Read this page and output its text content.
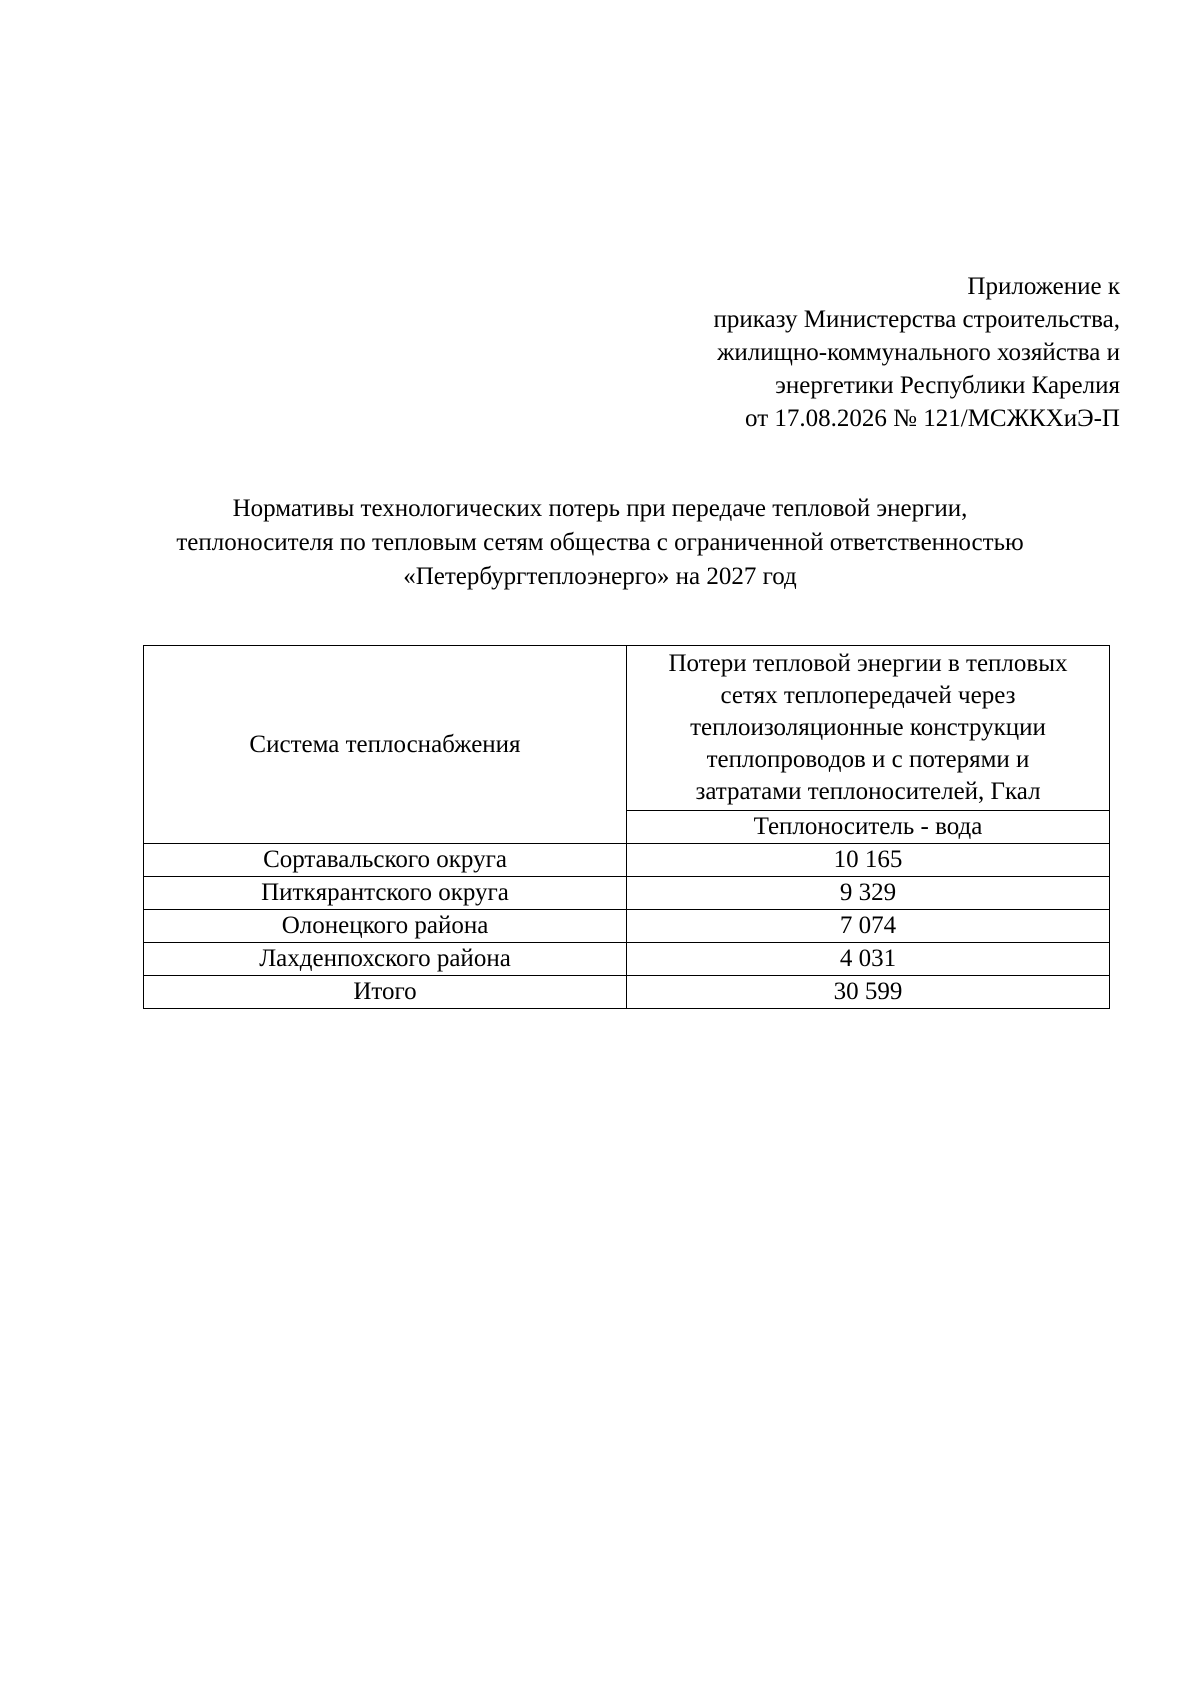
Приложение к
приказу Министерства строительства,
жилищно-коммунального хозяйства и
энергетики Республики Карелия
от 17.08.2026 № 121/МСЖКХиЭ-П
Нормативы технологических потерь при передаче тепловой энергии,
теплоносителя по тепловым сетям общества с ограниченной ответственностью
«Петербургтеплоэнерго» на 2027 год
Система теплоснабжения	Потери тепловой энергии в тепловых
сетях теплопередачей через
теплоизоляционные конструкции
теплопроводов и с потерями и
затратами теплоносителей, Гкал

	Теплоноситель - вода
Сортавальского округа	10 165
Питкярантского округа	9 329
Олонецкого района	7 074
Лахденпохского района	4 031
Итого	30 599
